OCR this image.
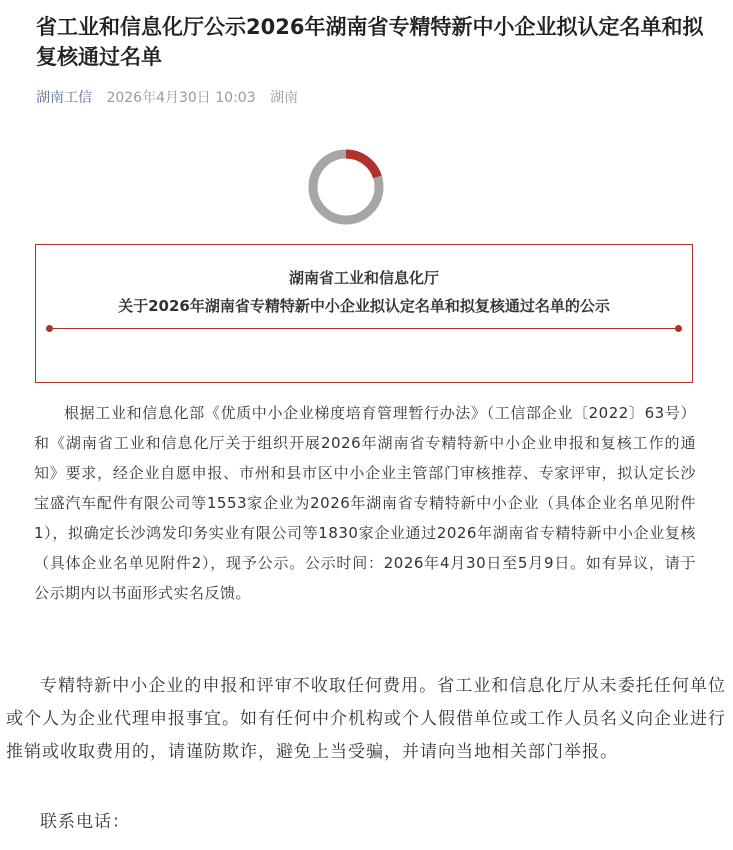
省工业和信息化厅公示2026年湖南省专精特新中小企业拟认定名单和拟复核通过名单
湖南工信 2026年4月30日 10:03 湖南
湖南省工业和信息化厅
关于2026年湖南省专精特新中小企业拟认定名单和拟复核通过名单的公示

根据工业和信息化部《优质中小企业梯度培育管理暂行办法》（工信部企业〔2022〕63号）和《湖南省工业和信息化厅关于组织开展2026年湖南省专精特新中小企业申报和复核工作的通知》要求，经企业自愿申报、市州和县市区中小企业主管部门审核推荐、专家评审，拟认定长沙宝盛汽车配件有限公司等1553家企业为2026年湖南省专精特新中小企业（具体企业名单见附件1），拟确定长沙鸿发印务实业有限公司等1830家企业通过2026年湖南省专精特新中小企业复核（具体企业名单见附件2），现予公示。公示时间：2026年4月30日至5月9日。如有异议，请于公示期内以书面形式实名反馈。

专精特新中小企业的申报和评审不收取任何费用。省工业和信息化厅从未委托任何单位或个人为企业代理申报事宜。如有任何中介机构或个人假借单位或工作人员名义向企业进行推销或收取费用的，请谨防欺诈，避免上当受骗，并请向当地相关部门举报。

联系电话：
